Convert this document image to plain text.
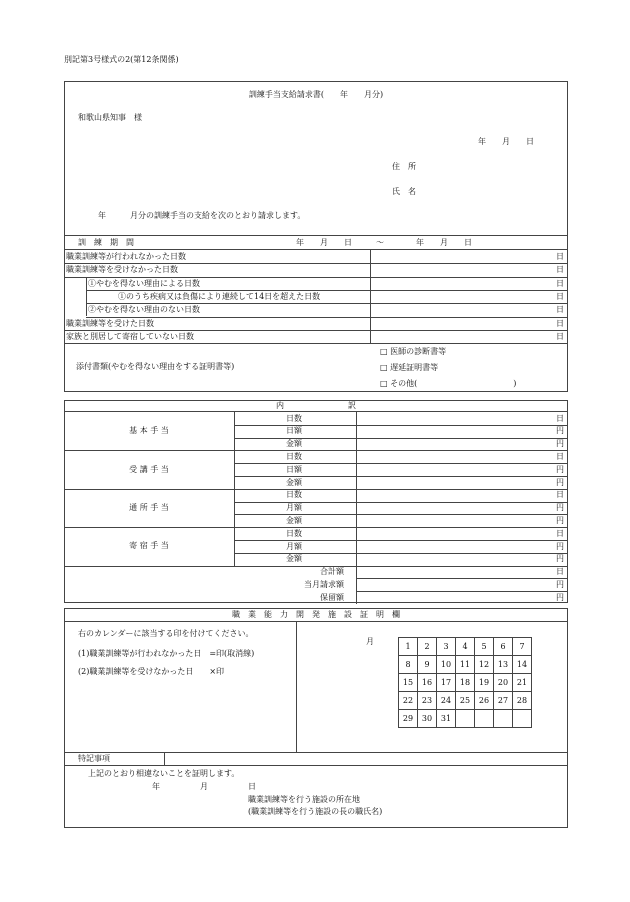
別記第3号様式の2(第12条関係)
訓練手当支給請求書(　　年　　月分)
和歌山県知事　様
年　　月　　日
住　所
氏　名
年　　　月分の訓練手当の支給を次のとおり請求します。
訓　練　期　間	年　　月　　日　　　～　　　　年　　月　　日
職業訓練等が行われなかった日数	日
職業訓練等を受けなかった日数	日
①やむを得ない理由による日数	日
①のうち疾病又は負傷により連続して14日を超えた日数	日
②やむを得ない理由のない日数	日
職業訓練等を受けた日数	日
家族と別居して寄宿していない日数	日
添付書類(やむを得ない理由をする証明書等)
□ 医師の診断書等
□ 遅延証明書等
□ その他(　　　　　　　　　　　　)
内　　　　　　　　訳
基 本 手 当
日数	日
日額	円
金額	円
受 講 手 当
日数	日
日額	円
金額	円
通 所 手 当
日数	日
月額	円
金額	円
寄 宿 手 当
日数	日
月額	円
金額	円
合計額	日
当月請求額	円
保留額	円
職　業　能　力　開　発　施　設　証　明　欄
右のカレンダーに該当する印を付けてください。
(1)職業訓練等が行われなかった日　=印(取消線)
(2)職業訓練等を受けなかった日　　×印
月
1	2	3	4	5	6	7
8	9	10	11	12	13	14
15	16	17	18	19	20	21
22	23	24	25	26	27	28
29	30	31				
特記事項
上記のとおり相違ないことを証明します。
年　　　　　月　　　　　日
職業訓練等を行う施設の所在地
(職業訓練等を行う施設の長の職氏名)
